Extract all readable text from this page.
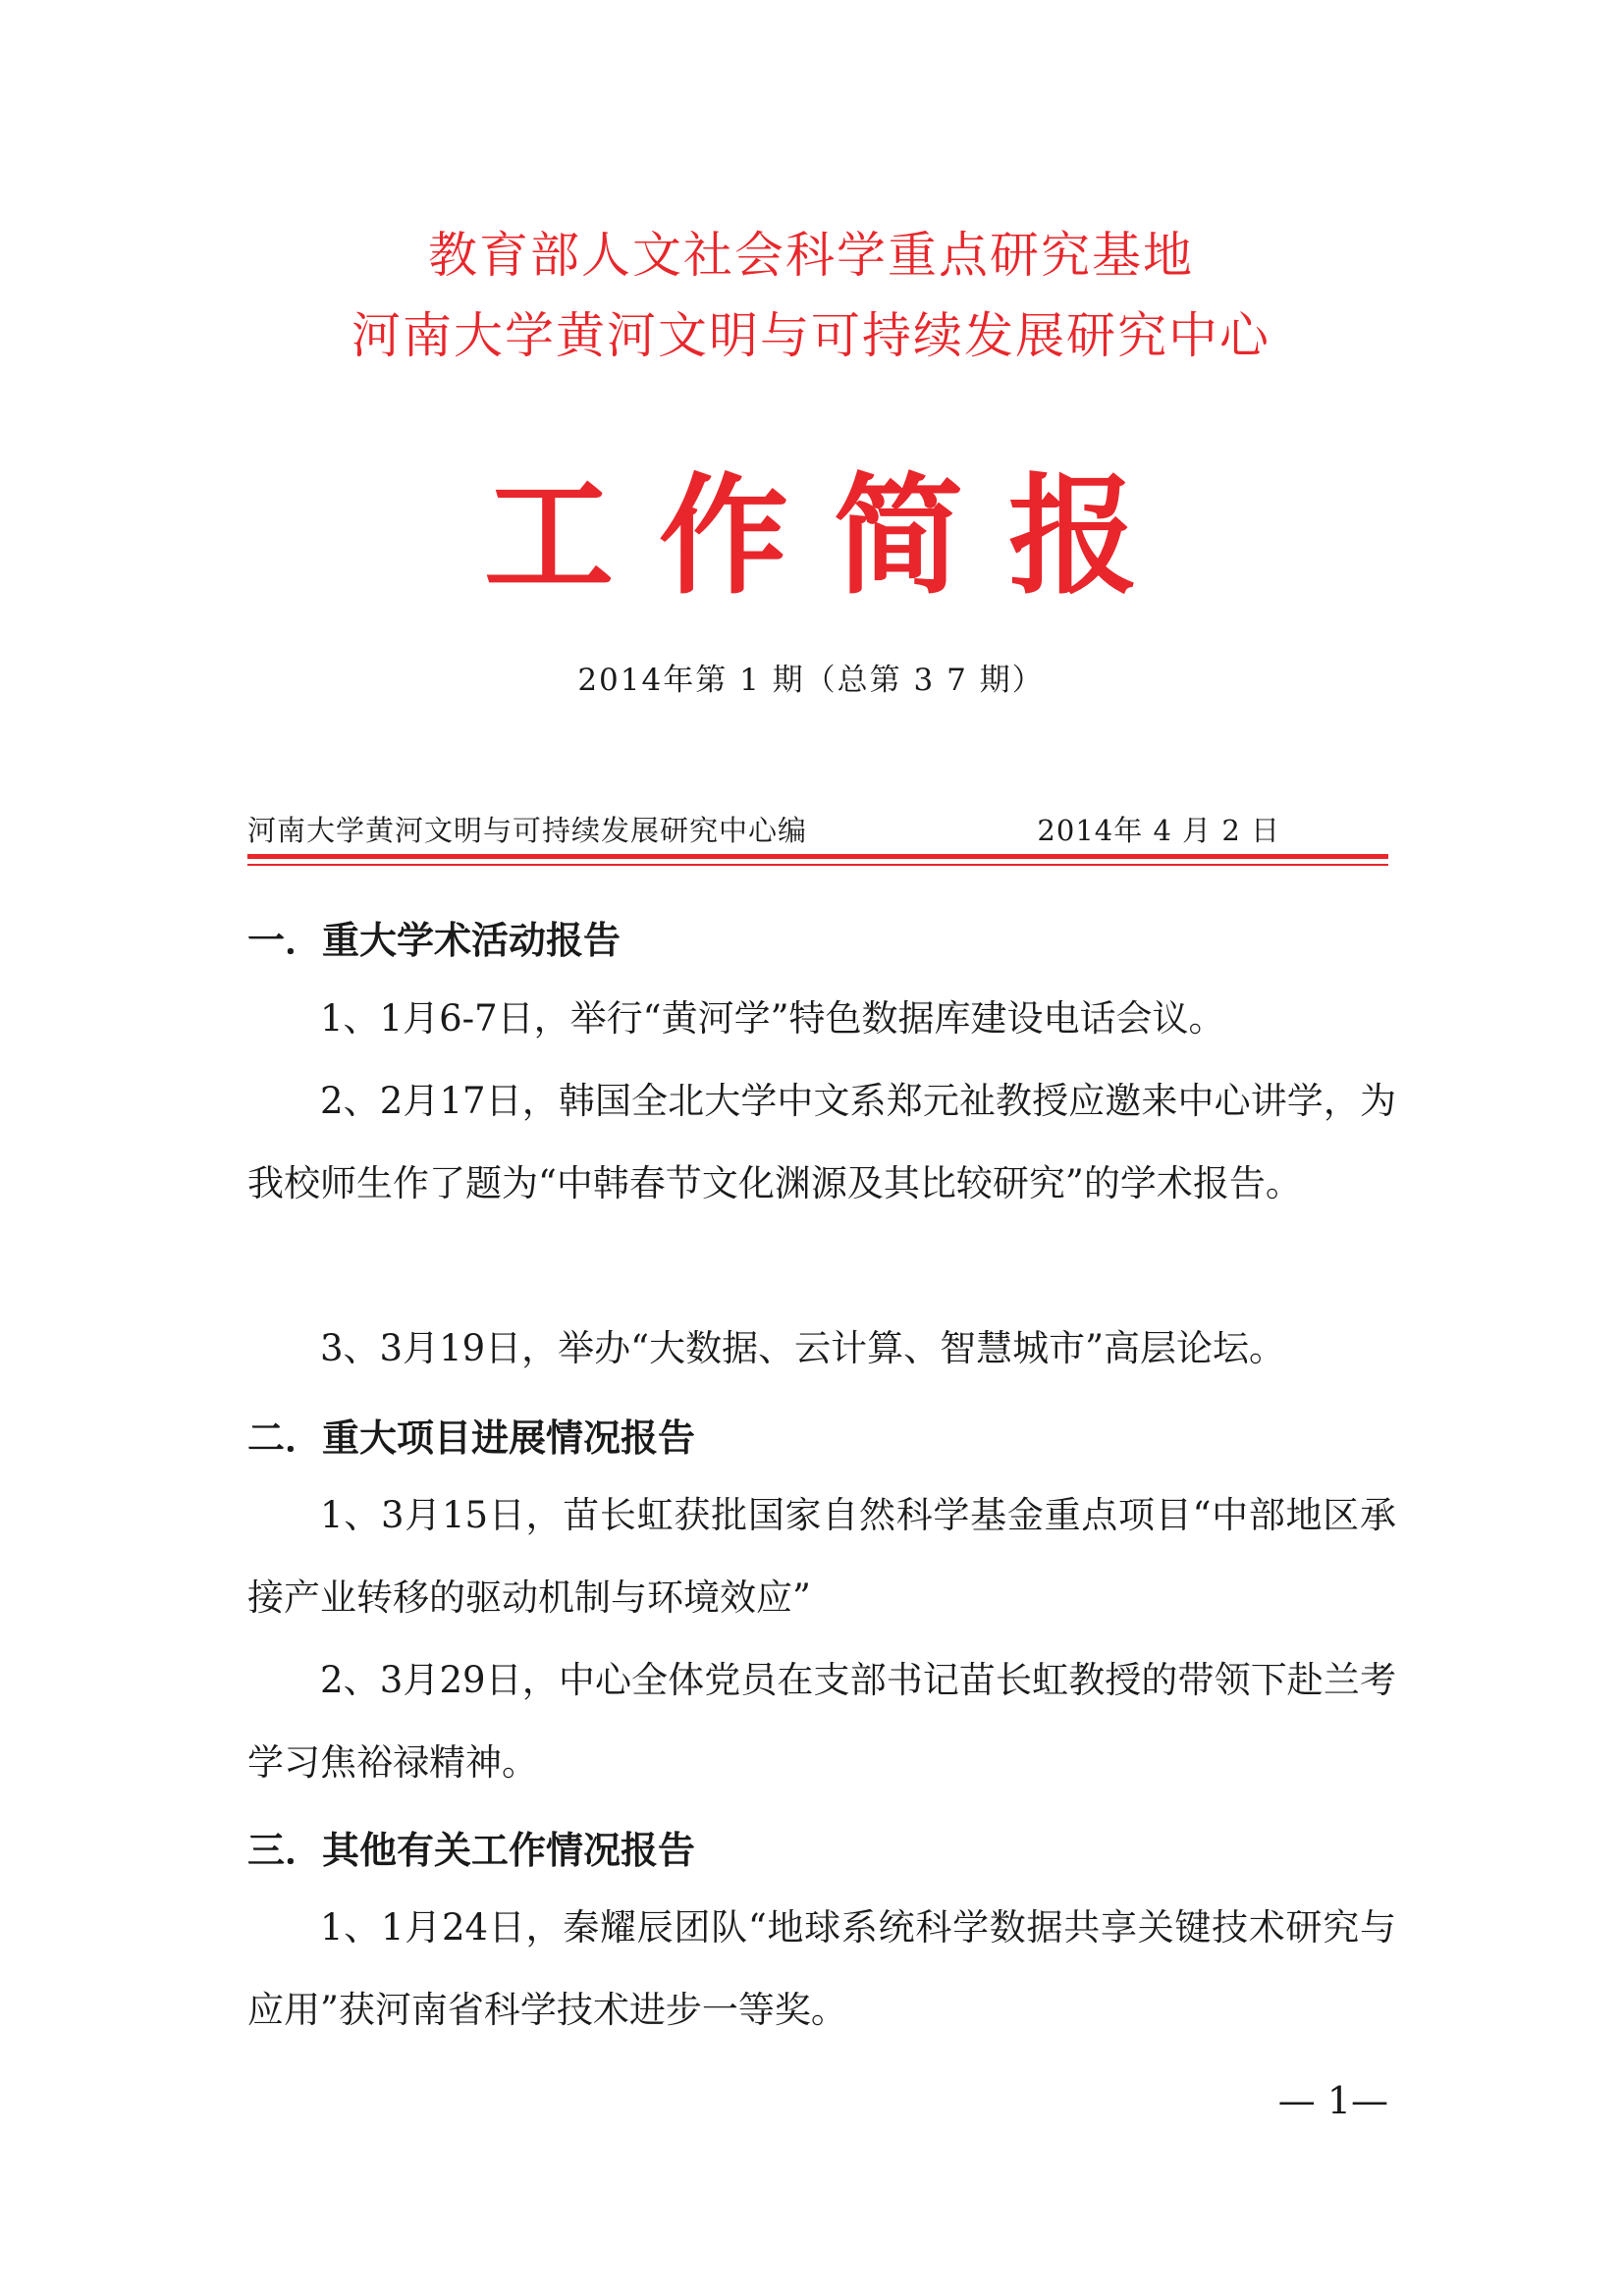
教育部人文社会科学重点研究基地
河南大学黄河文明与可持续发展研究中心
工作简报
2014年第 1 期（总第 3 7 期）
河南大学黄河文明与可持续发展研究中心编	2014年 4 月 2 日
一．重大学术活动报告
1、1月6-7日，举行“黄河学”特色数据库建设电话会议。
2、2月17日，韩国全北大学中文系郑元祉教授应邀来中心讲学，为我校师生作了题为“中韩春节文化渊源及其比较研究”的学术报告。
3、3月19日，举办“大数据、云计算、智慧城市”高层论坛。
二．重大项目进展情况报告
1、3月15日，苗长虹获批国家自然科学基金重点项目“中部地区承接产业转移的驱动机制与环境效应”
2、3月29日，中心全体党员在支部书记苗长虹教授的带领下赴兰考学习焦裕禄精神。
三．其他有关工作情况报告
1、1月24日，秦耀辰团队“地球系统科学数据共享关键技术研究与应用”获河南省科学技术进步一等奖。
— 1—
